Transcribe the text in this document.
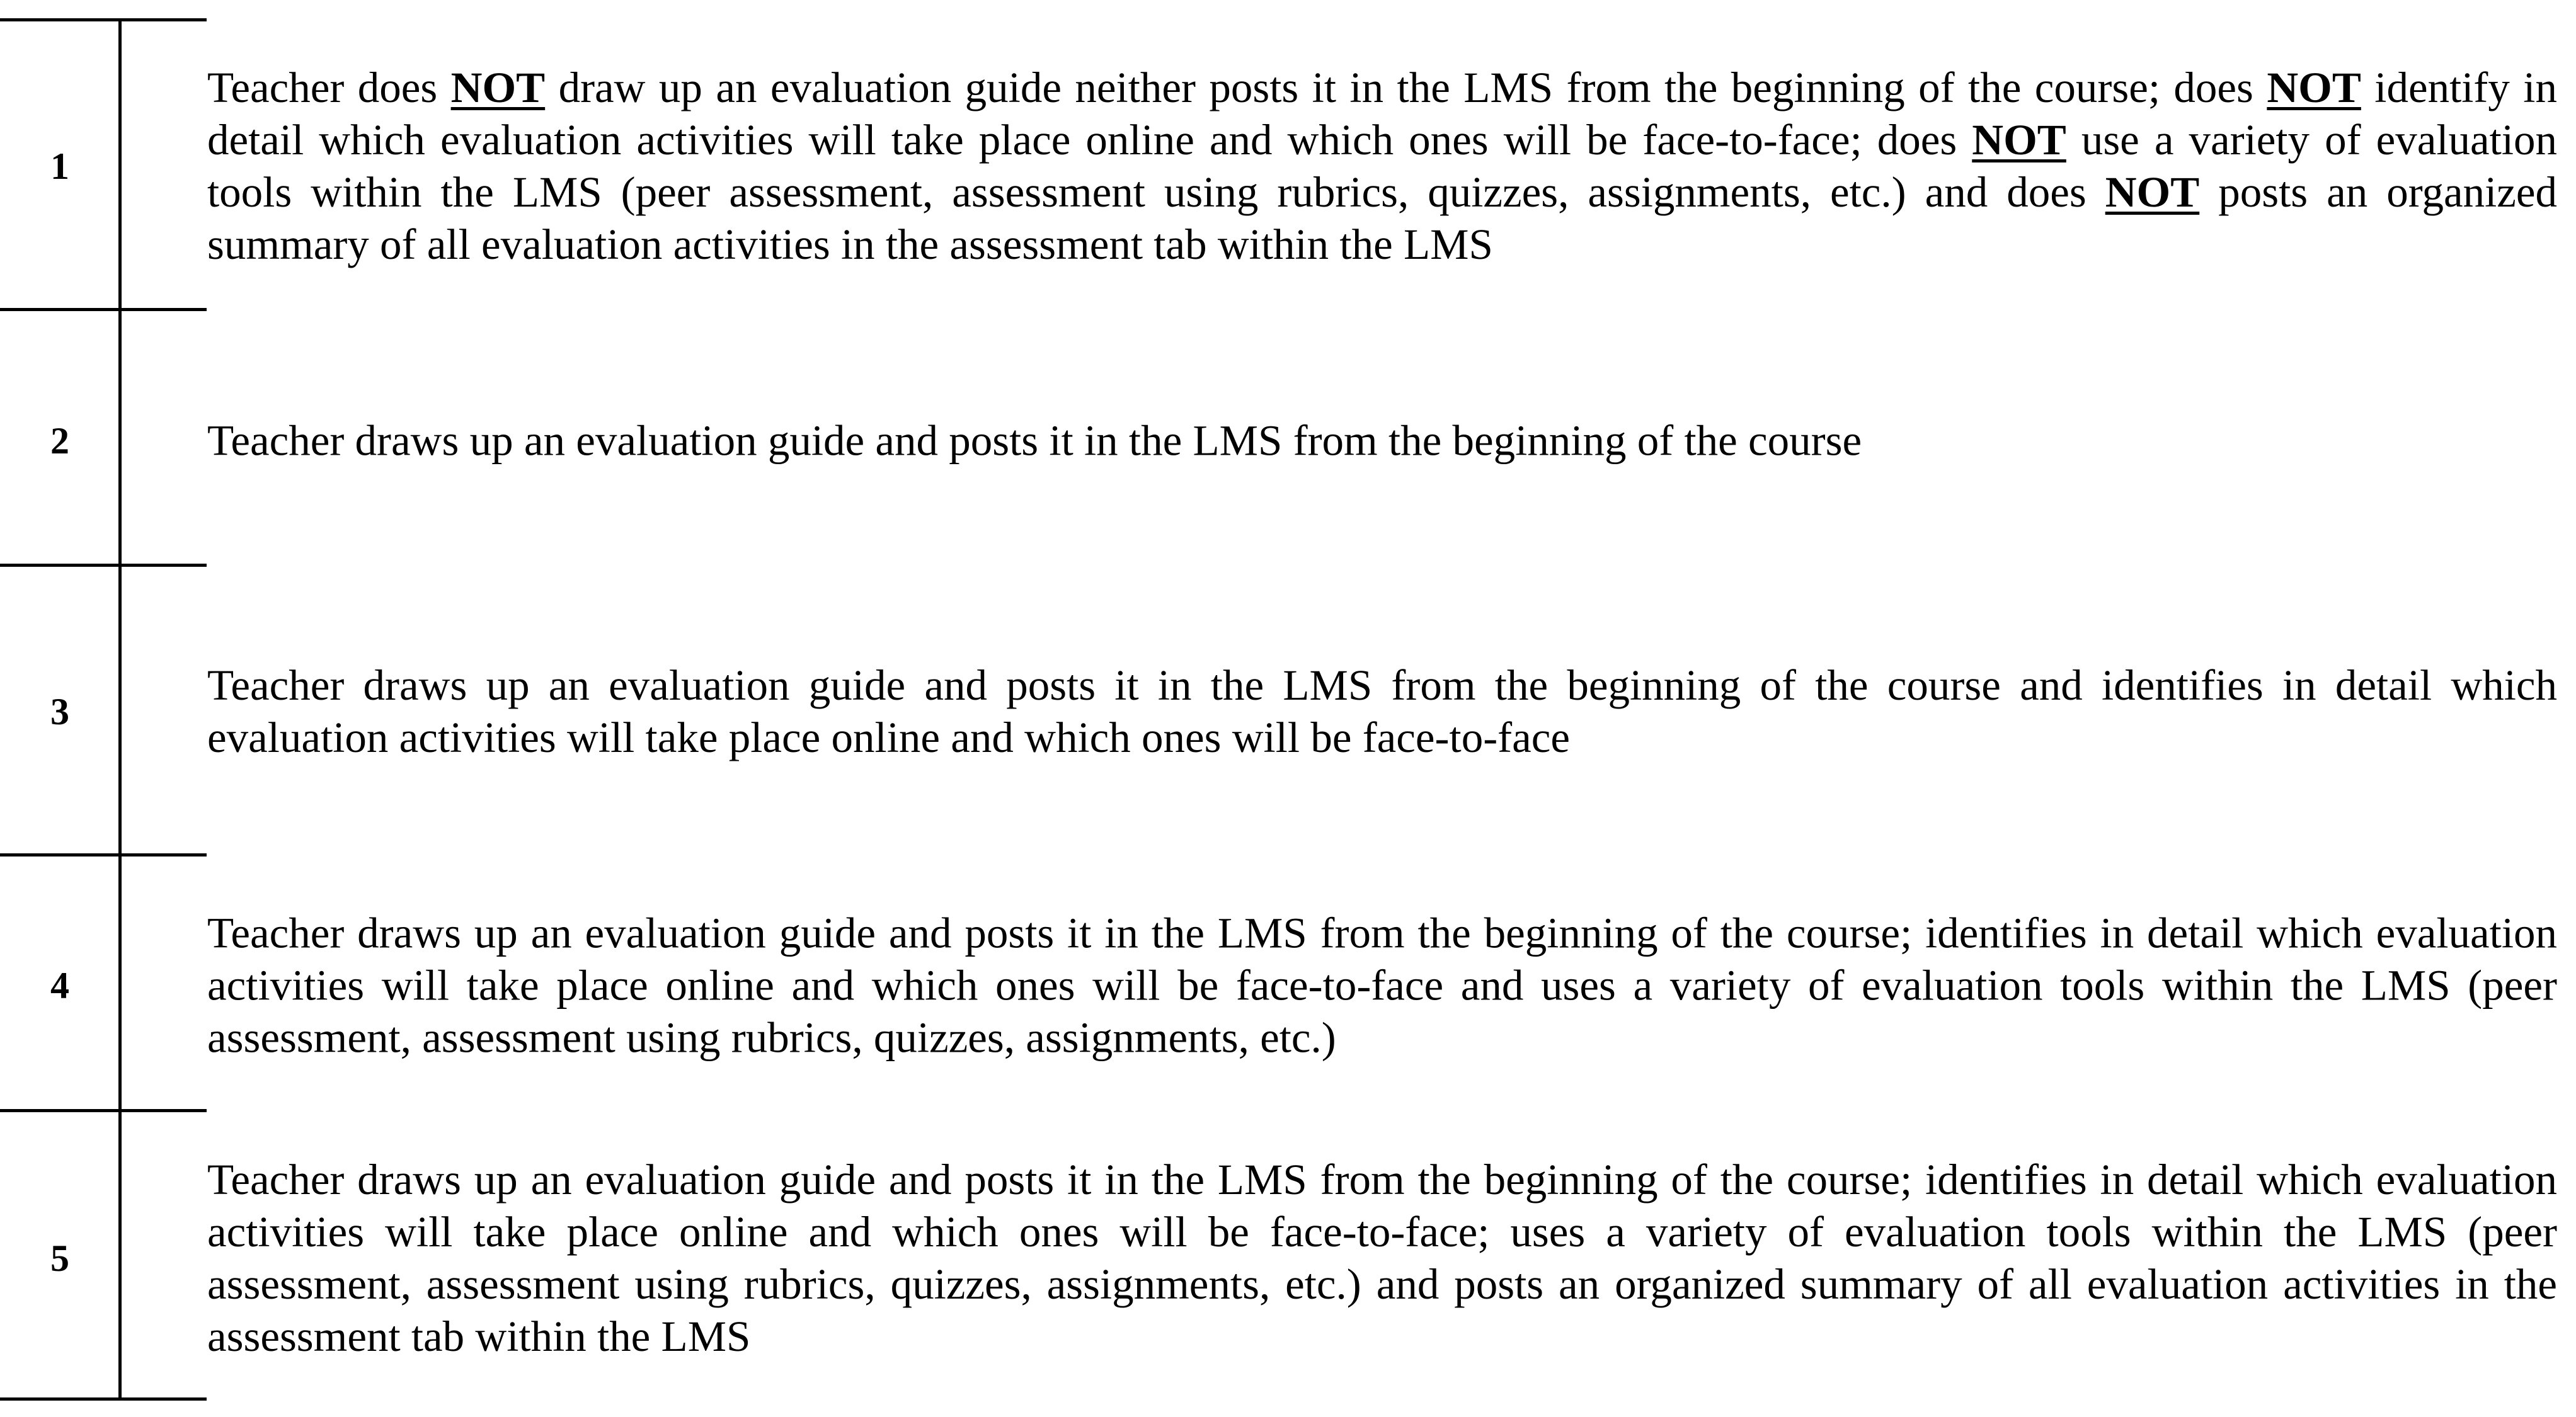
1
Teacher does NOT draw up an evaluation guide neither posts it in the LMS from the beginning of the course; does NOT identify in detail which evaluation activities will take place online and which ones will be face-to-face; does NOT use a variety of evaluation tools within the LMS (peer assessment, assessment using rubrics, quizzes, assignments, etc.) and does NOT posts an organized summary of all evaluation activities in the assessment tab within the LMS
2	Teacher draws up an evaluation guide and posts it in the LMS from the beginning of the course
3
Teacher draws up an evaluation guide and posts it in the LMS from the beginning of the course and identifies in detail which evaluation activities will take place online and which ones will be face-to-face
4
Teacher draws up an evaluation guide and posts it in the LMS from the beginning of the course; identifies in detail which evaluation activities will take place online and which ones will be face-to-face and uses a variety of evaluation tools within the LMS (peer assessment, assessment using rubrics, quizzes, assignments, etc.)
5
Teacher draws up an evaluation guide and posts it in the LMS from the beginning of the course; identifies in detail which evaluation activities will take place online and which ones will be face-to-face; uses a variety of evaluation tools within the LMS (peer assessment, assessment using rubrics, quizzes, assignments, etc.) and posts an organized summary of all evaluation activities in the assessment tab within the LMS
